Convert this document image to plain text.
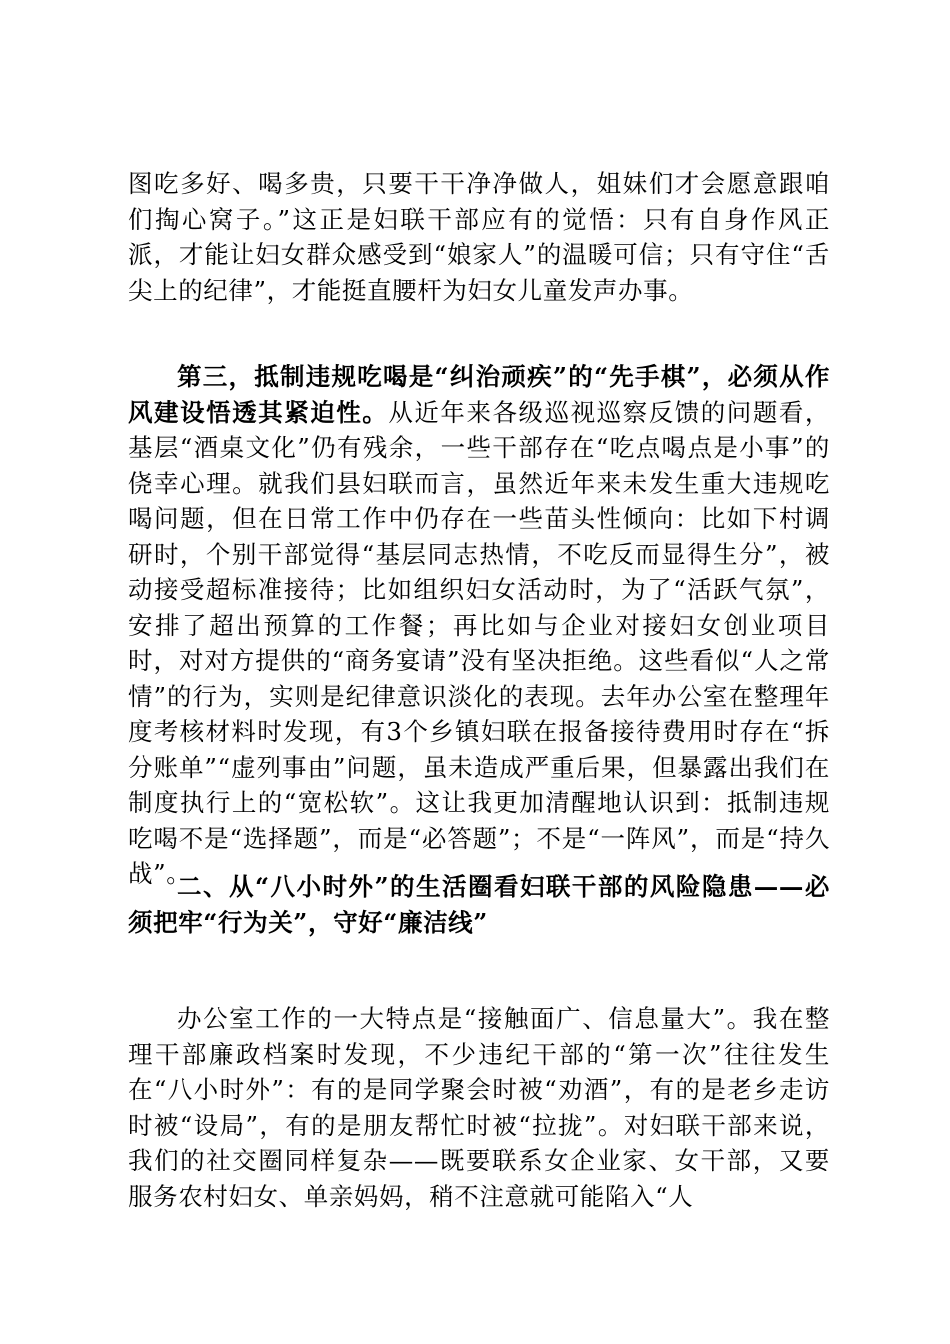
图吃多好、喝多贵，只要干干净净做人，姐妹们才会愿意跟咱们掏心窝子。”这正是妇联干部应有的觉悟：只有自身作风正派，才能让妇女群众感受到“娘家人”的温暖可信；只有守住“舌尖上的纪律”，才能挺直腰杆为妇女儿童发声办事。

第三，抵制违规吃喝是“纠治顽疾”的“先手棋”，必须从作风建设悟透其紧迫性。从近年来各级巡视巡察反馈的问题看，基层“酒桌文化”仍有残余，一些干部存在“吃点喝点是小事”的侥幸心理。就我们县妇联而言，虽然近年来未发生重大违规吃喝问题，但在日常工作中仍存在一些苗头性倾向：比如下村调研时，个别干部觉得“基层同志热情，不吃反而显得生分”，被动接受超标准接待；比如组织妇女活动时，为了“活跃气氛”，安排了超出预算的工作餐；再比如与企业对接妇女创业项目时，对对方提供的“商务宴请”没有坚决拒绝。这些看似“人之常情”的行为，实则是纪律意识淡化的表现。去年办公室在整理年度考核材料时发现，有3个乡镇妇联在报备接待费用时存在“拆分账单”“虚列事由”问题，虽未造成严重后果，但暴露出我们在制度执行上的“宽松软”。这让我更加清醒地认识到：抵制违规吃喝不是“选择题”，而是“必答题”；不是“一阵风”，而是“持久战”。

二、从“八小时外”的生活圈看妇联干部的风险隐患——必须把牢“行为关”，守好“廉洁线”

办公室工作的一大特点是“接触面广、信息量大”。我在整理干部廉政档案时发现，不少违纪干部的“第一次”往往发生在“八小时外”：有的是同学聚会时被“劝酒”，有的是老乡走访时被“设局”，有的是朋友帮忙时被“拉拢”。对妇联干部来说，我们的社交圈同样复杂——既要联系女企业家、女干部，又要服务农村妇女、单亲妈妈，稍不注意就可能陷入“人
